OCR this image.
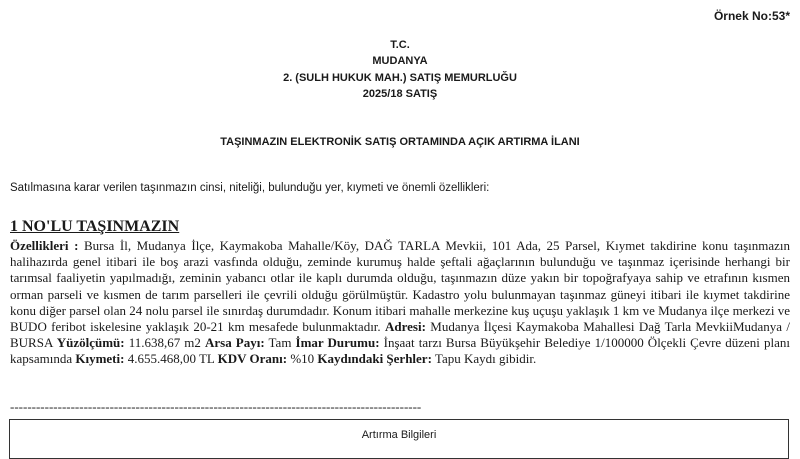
Örnek No:53*
T.C.
MUDANYA
2. (SULH HUKUK MAH.) SATIŞ MEMURLUĞU
2025/18 SATIŞ
TAŞINMAZIN ELEKTRONİK SATIŞ ORTAMINDA AÇIK ARTIRMA İLANI
Satılmasına karar verilen taşınmazın cinsi, niteliği, bulunduğu yer, kıymeti ve önemli özellikleri:
1 NO'LU TAŞINMAZIN
Özellikleri : Bursa İl, Mudanya İlçe, Kaymakoba Mahalle/Köy, DAĞ TARLA Mevkii, 101 Ada, 25 Parsel, Kıymet takdirine konu taşınmazın halihazırda genel itibari ile boş arazi vasfında olduğu, zeminde kurumuş halde şeftali ağaçlarının bulunduğu ve taşınmaz içerisinde herhangi bir tarımsal faaliyetin yapılmadığı, zeminin yabancı otlar ile kaplı durumda olduğu, taşınmazın düze yakın bir topoğrafyaya sahip ve etrafının kısmen orman parseli ve kısmen de tarım parselleri ile çevrili olduğu görülmüştür. Kadastro yolu bulunmayan taşınmaz güneyi itibari ile kıymet takdirine konu diğer parsel olan 24 nolu parsel ile sınırdaş durumdadır. Konum itibari mahalle merkezine kuş uçuşu yaklaşık 1 km ve Mudanya ilçe merkezi ve BUDO feribot iskelesine yaklaşık 20-21 km mesafede bulunmaktadır. Adresi: Mudanya İlçesi Kaymakoba Mahallesi Dağ Tarla MevkiiMudanya / BURSA Yüzölçümü: 11.638,67 m2 Arsa Payı: Tam İmar Durumu: İnşaat tarzı Bursa Büyükşehir Belediye 1/100000 Ölçekli Çevre düzeni planı kapsamında Kıymeti: 4.655.468,00 TL KDV Oranı: %10 Kaydındaki Şerhler: Tapu Kaydı gibidir.
-----------------------------------------------------------------------------------------------
Artırma Bilgileri
